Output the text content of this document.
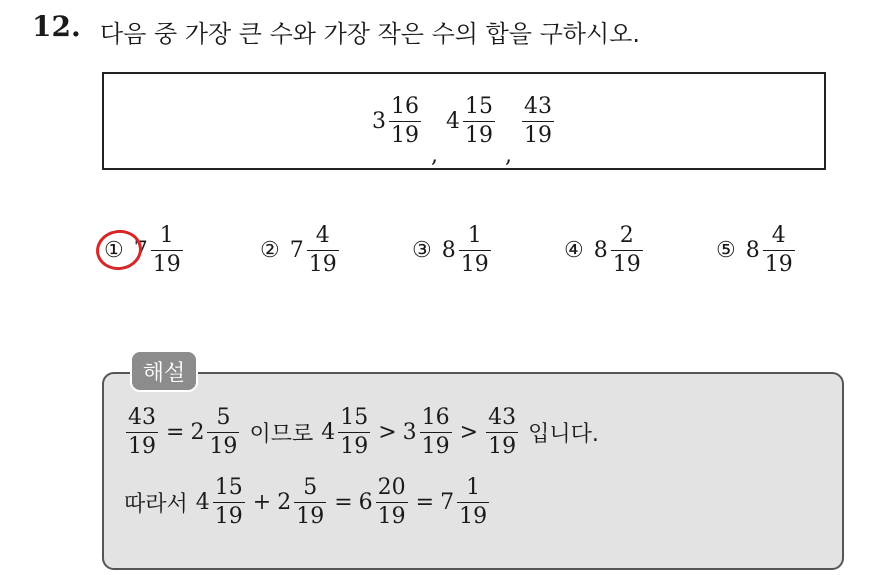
12. 다음 중 가장 큰 수와 가장 작은 수의 합을 구하시오.
$3 \frac{16}{19}$
,
$4 \frac{15}{19}$
,
$\frac{43}{19}$
① $7 \frac{1}{19}$	② $7 \frac{4}{19}$	③ $8 \frac{1}{19}$	④ $8 \frac{2}{19}$	⑤ $8 \frac{4}{19}$
해설
$\frac{43}{19} = 2 \frac{5}{19}$ 이므로 $4 \frac{15}{19} > 3 \frac{16}{19} > \frac{43}{19}$ 입니다.
따라서 $4 \frac{15}{19} + 2 \frac{5}{19} = 6 \frac{20}{19} = 7 \frac{1}{19}$
